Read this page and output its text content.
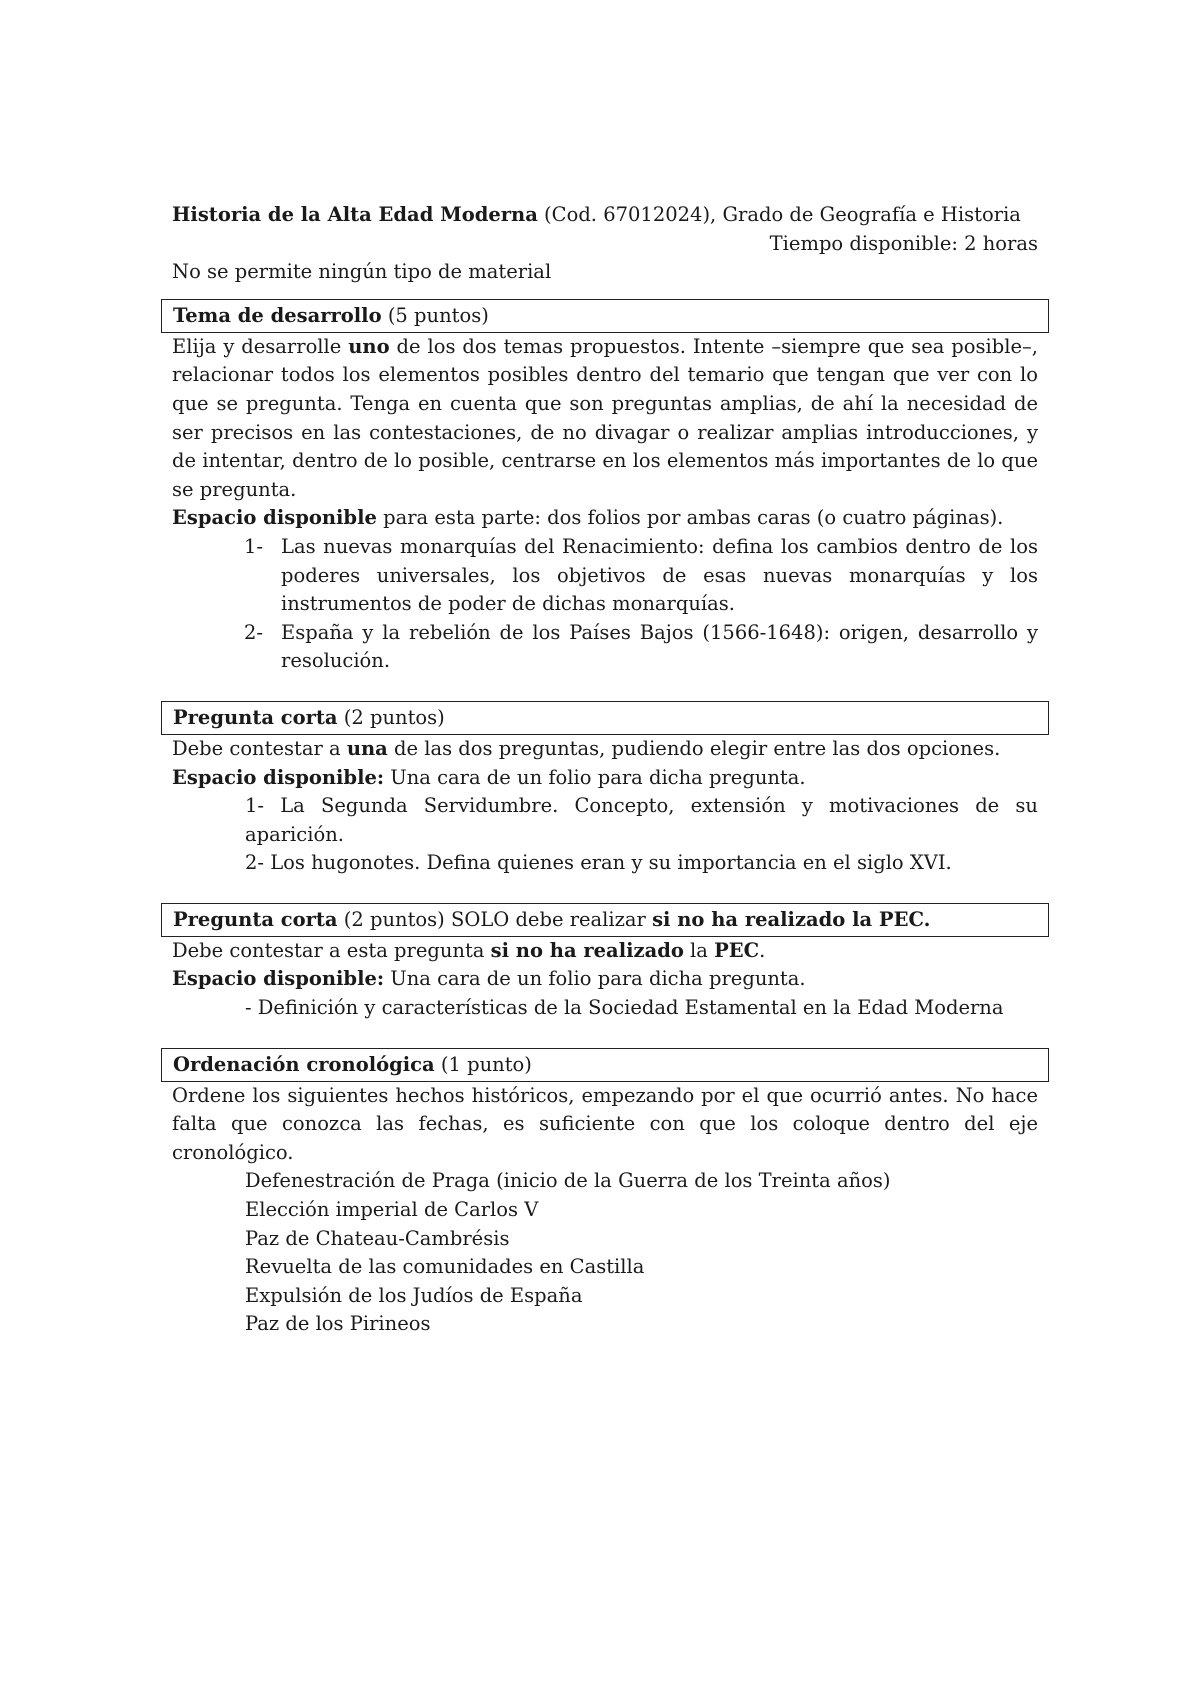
Historia de la Alta Edad Moderna (Cod. 67012024), Grado de Geografía e Historia

Tiempo disponible: 2 horas

No se permite ningún tipo de material

Tema de desarrollo (5 puntos)

Elija y desarrolle uno de los dos temas propuestos. Intente –siempre que sea posible–, relacionar todos los elementos posibles dentro del temario que tengan que ver con lo que se pregunta. Tenga en cuenta que son preguntas amplias, de ahí la necesidad de ser precisos en las contestaciones, de no divagar o realizar amplias introducciones, y de intentar, dentro de lo posible, centrarse en los elementos más importantes de lo que se pregunta.

Espacio disponible para esta parte: dos folios por ambas caras (o cuatro páginas).

1- Las nuevas monarquías del Renacimiento: defina los cambios dentro de los poderes universales, los objetivos de esas nuevas monarquías y los instrumentos de poder de dichas monarquías.
2- España y la rebelión de los Países Bajos (1566-1648): origen, desarrollo y resolución.
Pregunta corta (2 puntos)

Debe contestar a una de las dos preguntas, pudiendo elegir entre las dos opciones.

Espacio disponible: Una cara de un folio para dicha pregunta.

1- La Segunda Servidumbre. Concepto, extensión y motivaciones de su aparición.

2- Los hugonotes. Defina quienes eran y su importancia en el siglo XVI.

Pregunta corta (2 puntos) SOLO debe realizar si no ha realizado la PEC.

Debe contestar a esta pregunta si no ha realizado la PEC.

Espacio disponible: Una cara de un folio para dicha pregunta.

- Definición y características de la Sociedad Estamental en la Edad Moderna

Ordenación cronológica (1 punto)

Ordene los siguientes hechos históricos, empezando por el que ocurrió antes. No hace falta que conozca las fechas, es suficiente con que los coloque dentro del eje cronológico.

Defenestración de Praga (inicio de la Guerra de los Treinta años)

Elección imperial de Carlos V

Paz de Chateau-Cambrésis

Revuelta de las comunidades en Castilla

Expulsión de los Judíos de España

Paz de los Pirineos
